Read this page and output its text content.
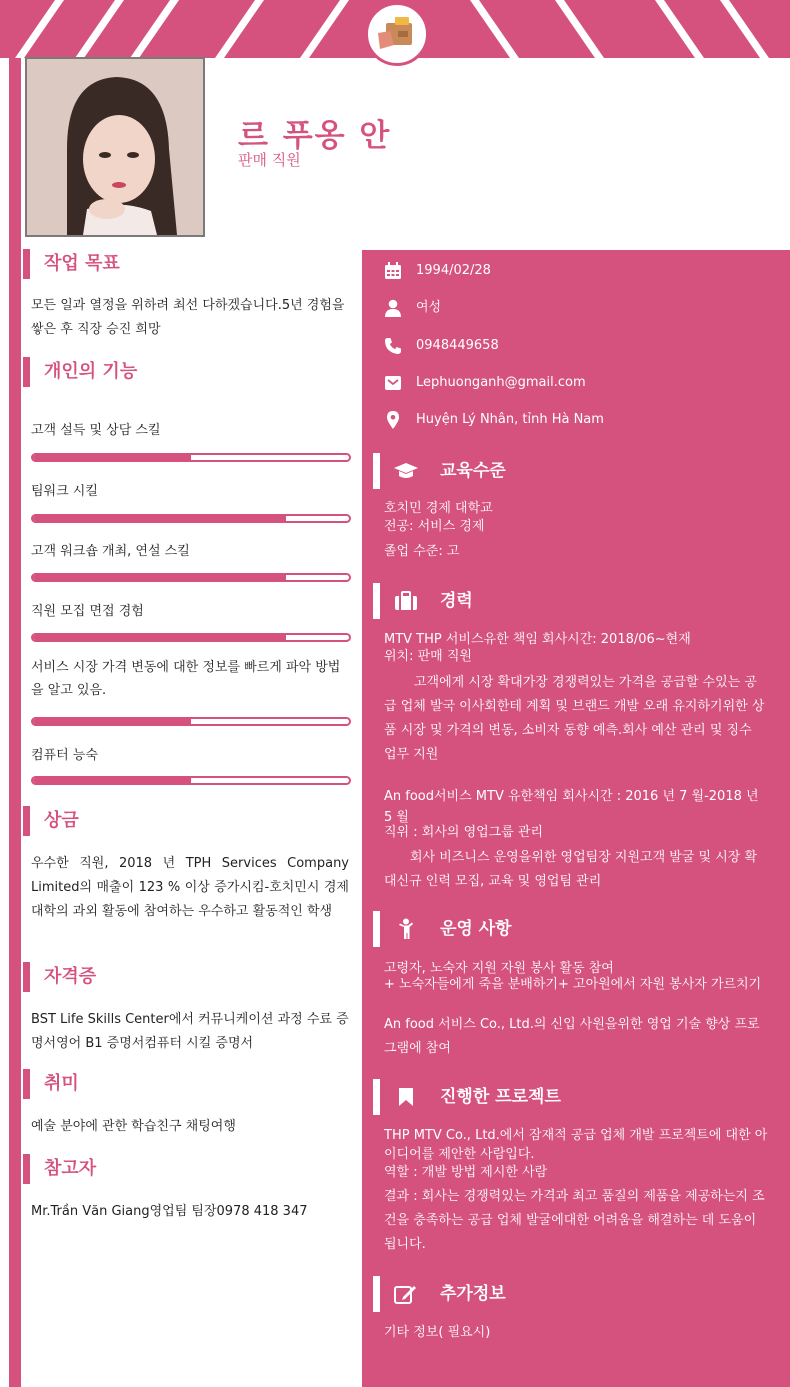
르 푸옹 안
판매 직원
작업 목표
모든 일과 열정을 위하려 최선 다하겠습니다.5년 경험을 쌓은 후 직장 승진 희망
개인의 기능
고객 설득 및 상담 스킬
팀워크 시킬
고객 워크숍 개최, 연설 스킬
직원 모집 면접 경험
서비스 시장 가격 변동에 대한 정보를 빠르게 파악 방법을 알고 있음.
컴퓨터 능숙
상금
우수한 직원, 2018 년 TPH Services Company Limited의 매출이 123 % 이상 증가시킴-호치민시 경제 대학의 과외 활동에 참여하는 우수하고 활동적인 학생
자격증
BST Life Skills Center에서 커뮤니케이션 과정 수료 증명서영어 B1 증명서컴퓨터 시킬 증명서
취미
예술 분야에 관한 학습친구 채팅여행
참고자
Mr.Trần Văn Giang영업팀 팀장0978 418 347
1994/02/28
여성
0948449658
Lephuonganh@gmail.com
Huyện Lý Nhân, tỉnh Hà Nam
교육수준
호치민 경제 대학교
전공: 서비스 경제
졸업 수준: 고
경력
MTV THP 서비스유한 책임 회사시간: 2018/06~현재
위치: 판매 직원
고객에게 시장 확대가장 경쟁력있는 가격을 공급할 수있는 공급 업체 발국 이사회한테 계획 및 브랜드 개발 오래 유지하기위한 상품 시장 및 가격의 변동, 소비자 동향 예측.회사 예산 관리 및 징수 업무 지원
An food서비스 MTV 유한책임 회사시간 : 2016 년 7 월-2018 년 5 월
직위 : 회사의 영업그룹 관리
회사 비즈니스 운영을위한 영업팀장 지원고객 발굴 및 시장 확대신규 인력 모집, 교육 및 영업팀 관리
운영 사항
고령자, 노숙자 지원 자원 봉사 활동 참여
+ 노숙자들에게 죽을 분배하기+ 고아원에서 자원 봉사자 가르치기
An food 서비스 Co., Ltd.의 신입 사원을위한 영업 기술 향상 프로그램에 참여
진행한 프로젝트
THP MTV Co., Ltd.에서 잠재적 공급 업체 개발 프로젝트에 대한 아이디어를 제안한 사람입다.
역할 : 개발 방법 제시한 사람
결과 : 회사는 경쟁력있는 가격과 최고 품질의 제품을 제공하는지 조건을 충족하는 공급 업체 발굴에대한 어려움을 해결하는 데 도움이됩니다.
추가정보
기타 정보( 필요시)
